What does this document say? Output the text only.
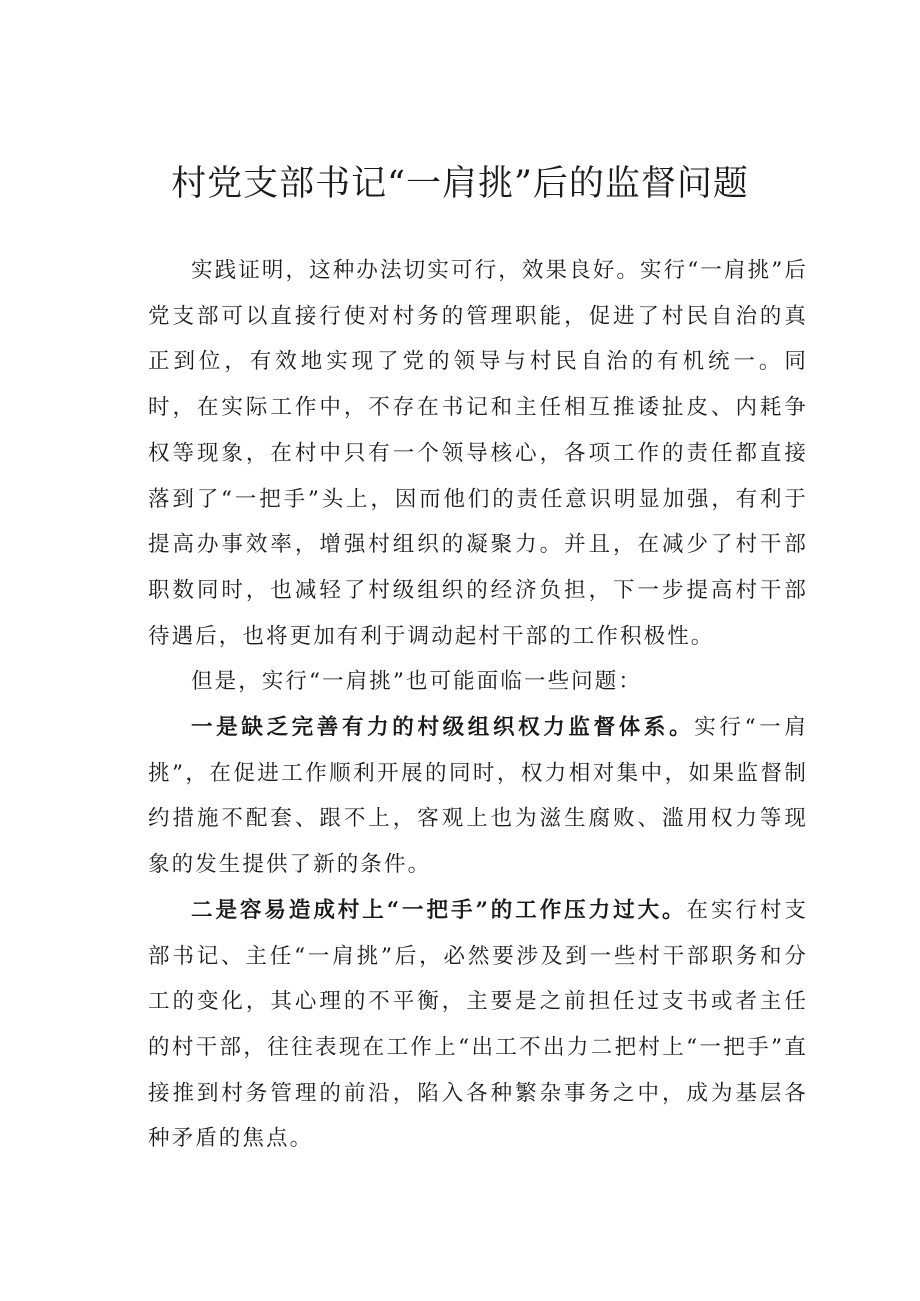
村党支部书记“一肩挑”后的监督问题

实践证明，这种办法切实可行，效果良好。实行“一肩挑”后党支部可以直接行使对村务的管理职能，促进了村民自治的真正到位，有效地实现了党的领导与村民自治的有机统一。同时，在实际工作中，不存在书记和主任相互推诿扯皮、内耗争权等现象，在村中只有一个领导核心，各项工作的责任都直接落到了“一把手”头上，因而他们的责任意识明显加强，有利于提高办事效率，增强村组织的凝聚力。并且，在减少了村干部职数同时，也减轻了村级组织的经济负担，下一步提高村干部待遇后，也将更加有利于调动起村干部的工作积极性。

但是，实行“一肩挑”也可能面临一些问题：

一是缺乏完善有力的村级组织权力监督体系。实行“一肩挑”，在促进工作顺利开展的同时，权力相对集中，如果监督制约措施不配套、跟不上，客观上也为滋生腐败、滥用权力等现象的发生提供了新的条件。

二是容易造成村上“一把手”的工作压力过大。在实行村支部书记、主任“一肩挑”后，必然要涉及到一些村干部职务和分工的变化，其心理的不平衡，主要是之前担任过支书或者主任的村干部，往往表现在工作上“出工不出力二把村上“一把手”直接推到村务管理的前沿，陷入各种繁杂事务之中，成为基层各种矛盾的焦点。
